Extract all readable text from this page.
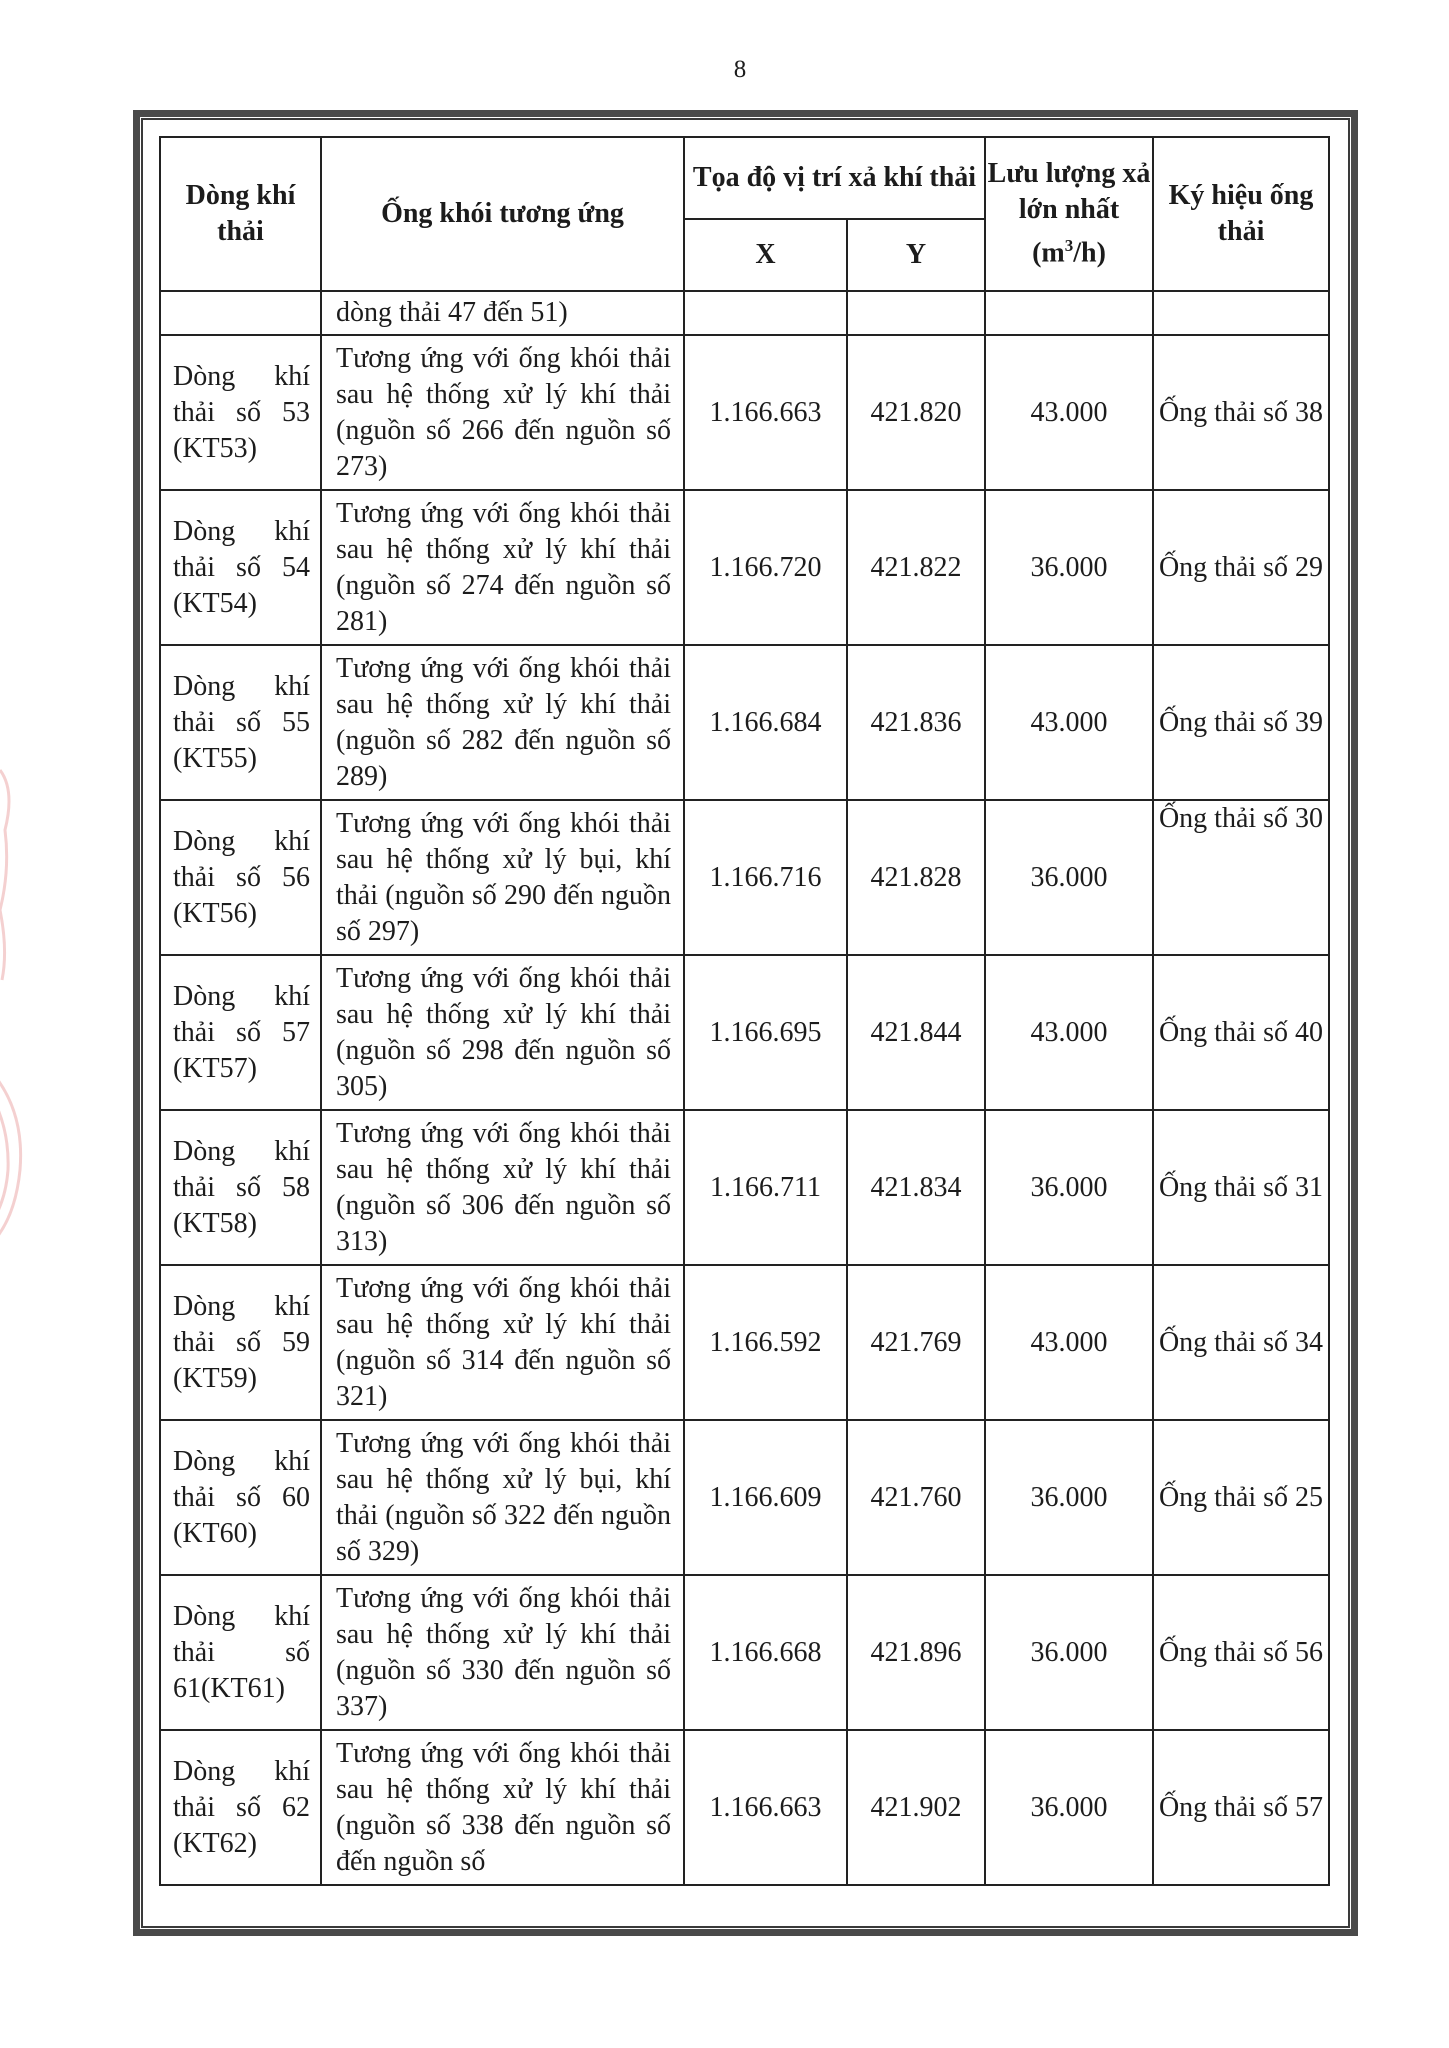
8
Dòng khí thải	Ống khói tương ứng	Tọa độ vị trí xả khí thải		Lưu lượng xả lớn nhất $(m^3/h)$	Ký hiệu ống thải
		X	Y		
	dòng thải 47 đến 51)				
Dòng khí thải số 53 (KT53)	Tương ứng với ống khói thải sau hệ thống xử lý khí thải (nguồn số 266 đến nguồn số 273)	1.166.663	421.820	43.000	Ống thải số 38
Dòng khí thải số 54 (KT54)	Tương ứng với ống khói thải sau hệ thống xử lý khí thải (nguồn số 274 đến nguồn số 281)	1.166.720	421.822	36.000	Ống thải số 29
Dòng khí thải số 55 (KT55)	Tương ứng với ống khói thải sau hệ thống xử lý khí thải (nguồn số 282 đến nguồn số 289)	1.166.684	421.836	43.000	Ống thải số 39
Dòng khí thải số 56 (KT56)	Tương ứng với ống khói thải sau hệ thống xử lý bụi, khí thải (nguồn số 290 đến nguồn số 297)	1.166.716	421.828	36.000	Ống thải số 30
Dòng khí thải số 57 (KT57)	Tương ứng với ống khói thải sau hệ thống xử lý khí thải (nguồn số 298 đến nguồn số 305)	1.166.695	421.844	43.000	Ống thải số 40
Dòng khí thải số 58 (KT58)	Tương ứng với ống khói thải sau hệ thống xử lý khí thải (nguồn số 306 đến nguồn số 313)	1.166.711	421.834	36.000	Ống thải số 31
Dòng khí thải số 59 (KT59)	Tương ứng với ống khói thải sau hệ thống xử lý khí thải (nguồn số 314 đến nguồn số 321)	1.166.592	421.769	43.000	Ống thải số 34
Dòng khí thải số 60 (KT60)	Tương ứng với ống khói thải sau hệ thống xử lý bụi, khí thải (nguồn số 322 đến nguồn số 329)	1.166.609	421.760	36.000	Ống thải số 25
Dòng khí thải số 61(KT61)	Tương ứng với ống khói thải sau hệ thống xử lý khí thải (nguồn số 330 đến nguồn số 337)	1.166.668	421.896	36.000	Ống thải số 56
Dòng khí thải số 62 (KT62)	Tương ứng với ống khói thải sau hệ thống xử lý khí thải (nguồn số 338 đến nguồn số đến nguồn số	1.166.663	421.902	36.000	Ống thải số 57
